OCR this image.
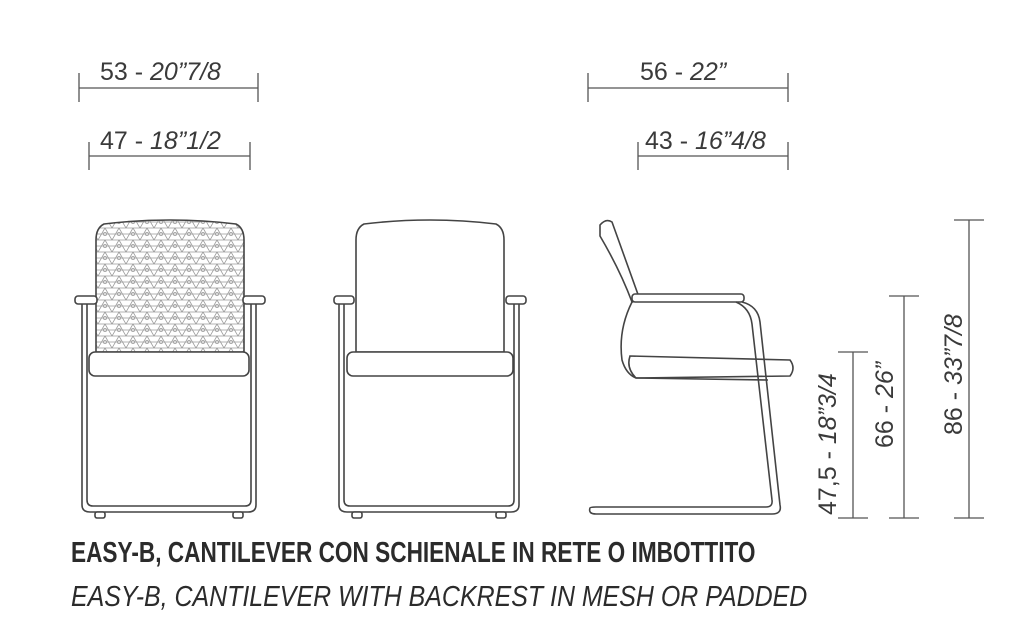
53 - 20”7/8
47 - 18”1/2
56 - 22”
43 - 16”4/8
47,5 - 18”3/4 66 - 26”
86 - 33”7/8
EASY-B, CANTILEVER CON SCHIENALE IN RETE O IMBOTTITO
EASY-B, CANTILEVER WITH BACKREST IN MESH OR PADDED
